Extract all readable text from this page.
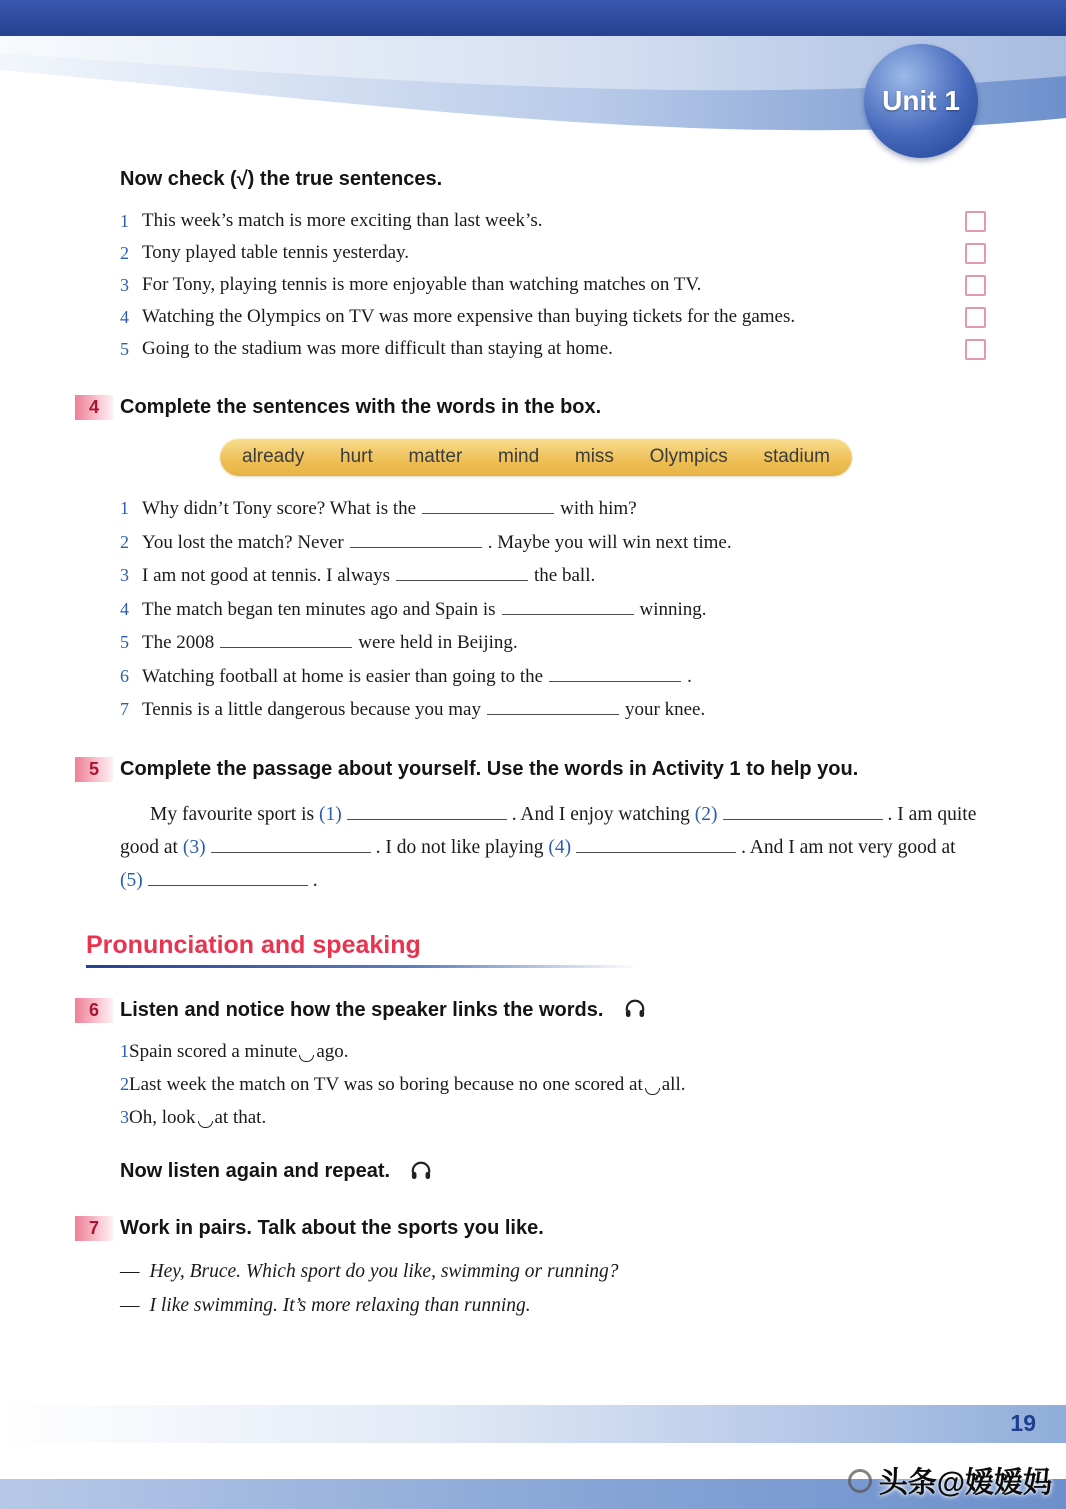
Unit 1
Now check (√) the true sentences.
1 This week’s match is more exciting than last week’s.
2 Tony played table tennis yesterday.
3 For Tony, playing tennis is more enjoyable than watching matches on TV.
4 Watching the Olympics on TV was more expensive than buying tickets for the games.
5 Going to the stadium was more difficult than staying at home.
4	Complete the sentences with the words in the box.
already hurt matter mind miss Olympics stadium
1 Why didn’t Tony score? What is the	with him?
2 You lost the match? Never	. Maybe you will win next time.
3 I am not good at tennis. I always	the ball.
4 The match began ten minutes ago and Spain is	winning.
5 The 2008	were held in Beijing.
6 Watching football at home is easier than going to the	.
7 Tennis is a little dangerous because you may	your knee.
5	Complete the passage about yourself. Use the words in Activity 1 to help you.

My favourite sport is (1)	. And I enjoy watching (2)	. I am quite good at (3)	. I do not like playing (4)	. And I am not very good at (5)	.

Pronunciation and speaking
6	Listen and notice how the speaker links the words.
1Spain scored a minute ago.
2Last week the match on TV was so boring because no one scored at all.
3Oh, look at that.
Now listen again and repeat.
7	Work in pairs. Talk about the sports you like.
— Hey, Bruce. Which sport do you like, swimming or running?
— I like swimming. It’s more relaxing than running.
19
头条@嫒嫒妈
